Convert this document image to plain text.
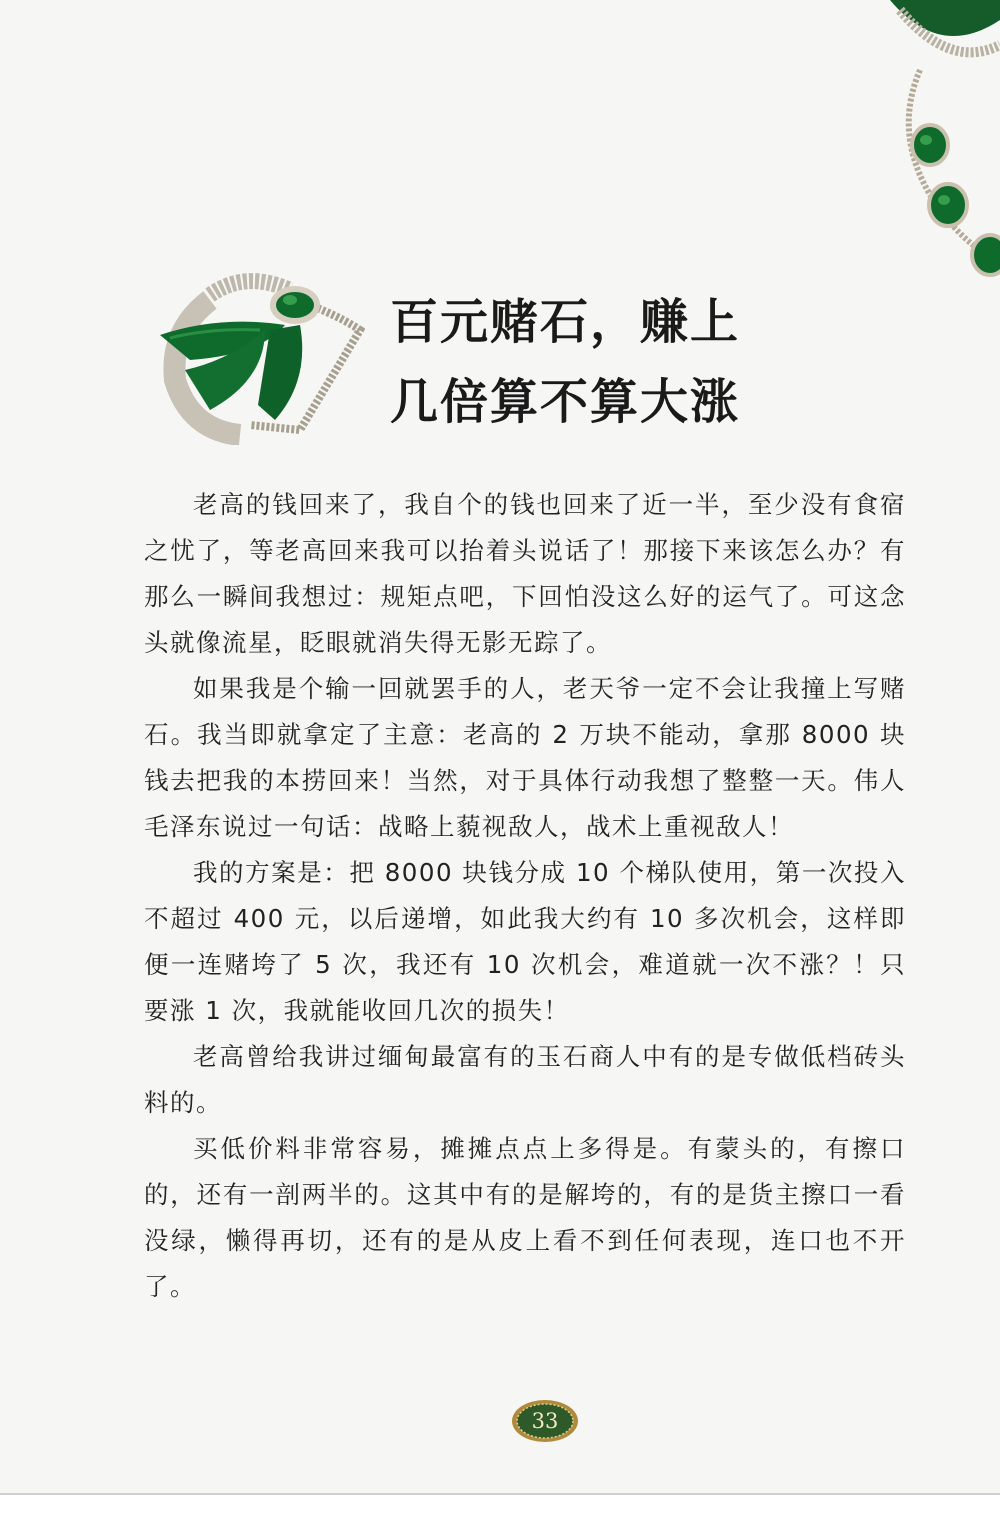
百元赌石，赚上
几倍算不算大涨

老高的钱回来了，我自个的钱也回来了近一半，至少没有食宿之忧了，等老高回来我可以抬着头说话了！那接下来该怎么办？有那么一瞬间我想过：规矩点吧，下回怕没这么好的运气了。可这念头就像流星，眨眼就消失得无影无踪了。

如果我是个输一回就罢手的人，老天爷一定不会让我撞上写赌石。我当即就拿定了主意：老高的 2 万块不能动，拿那 8000 块钱去把我的本捞回来！当然，对于具体行动我想了整整一天。伟人毛泽东说过一句话：战略上藐视敌人，战术上重视敌人！

我的方案是：把 8000 块钱分成 10 个梯队使用，第一次投入不超过 400 元，以后递增，如此我大约有 10 多次机会，这样即便一连赌垮了 5 次，我还有 10 次机会，难道就一次不涨？！只要涨 1 次，我就能收回几次的损失！

老高曾给我讲过缅甸最富有的玉石商人中有的是专做低档砖头料的。

买低价料非常容易，摊摊点点上多得是。有蒙头的，有擦口的，还有一剖两半的。这其中有的是解垮的，有的是货主擦口一看没绿，懒得再切，还有的是从皮上看不到任何表现，连口也不开了。

33
